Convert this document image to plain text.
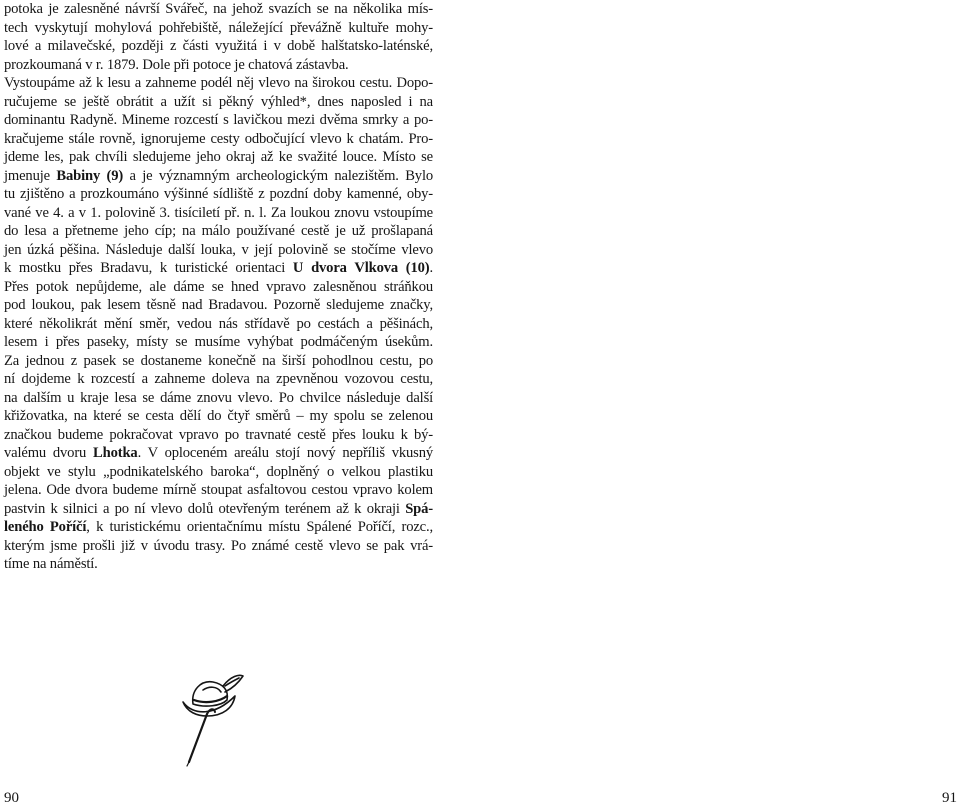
potoka je zalesněné návrší Svářeč, na jehož svazích se na několika mís-
tech vyskytují mohylová pohřebiště, náležející převážně kultuře mohy-
lové a milavečské, později z části využitá i v době halštatsko-laténské,
prozkoumaná v r. 1879. Dole při potoce je chatová zástavba.
Vystoupáme až k lesu a zahneme podél něj vlevo na širokou cestu. Dopo-
ručujeme se ještě obrátit a užít si pěkný výhled*, dnes naposled i na
dominantu Radyně. Mineme rozcestí s lavičkou mezi dvěma smrky a po-
kračujeme stále rovně, ignorujeme cesty odbočující vlevo k chatám. Pro-
jdeme les, pak chvíli sledujeme jeho okraj až ke svažité louce. Místo se
jmenuje Babiny (9) a je významným archeologickým nalezištěm. Bylo
tu zjištěno a prozkoumáno výšinné sídliště z pozdní doby kamenné, oby-
vané ve 4. a v 1. polovině 3. tisíciletí př. n. l. Za loukou znovu vstoupíme
do lesa a přetneme jeho cíp; na málo používané cestě je už prošlapaná
jen úzká pěšina. Následuje další louka, v její polovině se stočíme vlevo
k mostku přes Bradavu, k turistické orientaci U dvora Vlkova (10).
Přes potok nepůjdeme, ale dáme se hned vpravo zalesněnou stráňkou
pod loukou, pak lesem těsně nad Bradavou. Pozorně sledujeme značky,
které několikrát mění směr, vedou nás střídavě po cestách a pěšinách,
lesem i přes paseky, místy se musíme vyhýbat podmáčeným úsekům.
Za jednou z pasek se dostaneme konečně na širší pohodlnou cestu, po
ní dojdeme k rozcestí a zahneme doleva na zpevněnou vozovou cestu,
na dalším u kraje lesa se dáme znovu vlevo. Po chvilce následuje další
křižovatka, na které se cesta dělí do čtyř směrů – my spolu se zelenou
značkou budeme pokračovat vpravo po travnaté cestě přes louku k bý-
valému dvoru Lhotka. V oploceném areálu stojí nový nepříliš vkusný
objekt ve stylu „podnikatelského baroka“, doplněný o velkou plastiku
jelena. Ode dvora budeme mírně stoupat asfaltovou cestou vpravo kolem
pastvin k silnici a po ní vlevo dolů otevřeným terénem až k okraji Spá-
leného Poříčí, k turistickému orientačnímu místu Spálené Poříčí, rozc.,
kterým jsme prošli již v úvodu trasy. Po známé cestě vlevo se pak vrá-
tíme na náměstí.
90	91
